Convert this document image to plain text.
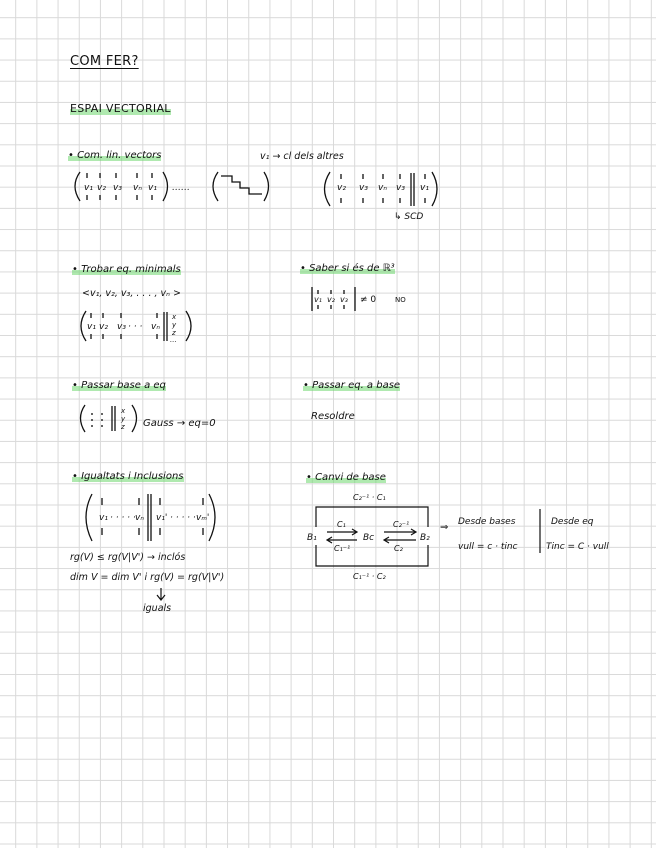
COM FER?
ESPAI VECTORIAL
• Com. lin. vectors	v₁ → cl dels altres
v₁ v₂ v₃ vₙ v₁ ……	v₂ v₃ vₙ v₃ v₁
↳ SCD
• Trobar eq. minimals
<v₁, v₂, v₃, . . . , vₙ >
v₁ v₂ v₃ · · · vₙ
x
y
z
...
• Saber si és de ℝ³
v₁ v₂ v₃ ≠ 0	NO
• Passar base a eq
x
y
z Gauss → eq=0
• Passar eq. a base
Resoldre
• Igualtats i Inclusions
v₁ · · · · · vₙ v₁' · · · · · vₘ'
rg(V) ≤ rg(V|V') → inclós
dim V = dim V' i rg(V) = rg(V|V')
iguals
• Canvi de base
C₂⁻¹ · C₁
C₁⁻¹ · C₂
C₁
C₁⁻¹
C₂⁻¹
C₂
B₁	Bc	B₂
⇒ Desde bases	Desde eq
vull = c · tinc	Tinc = C · vull
